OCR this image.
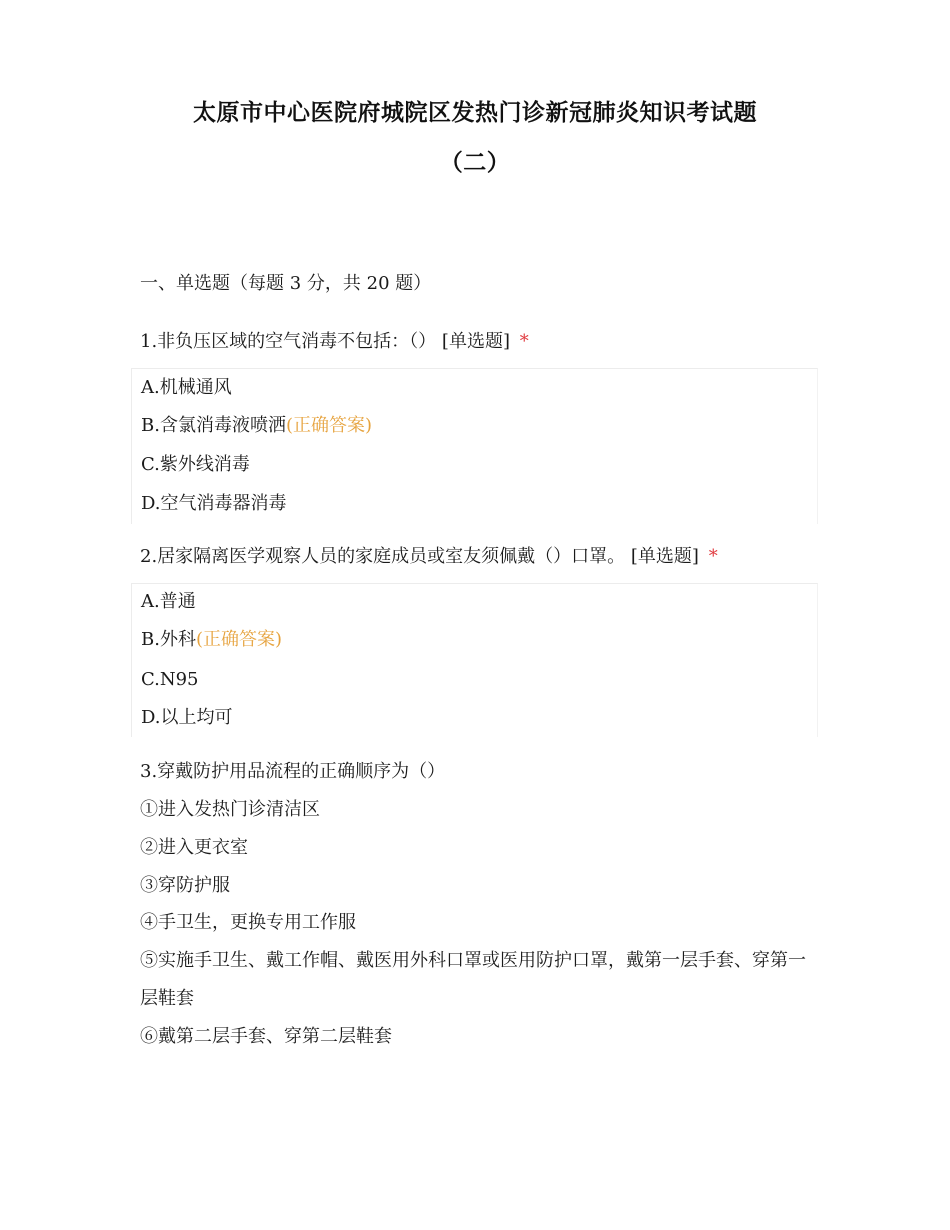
太原市中心医院府城院区发热门诊新冠肺炎知识考试题
（二）

一、单选题（每题 3 分，共 20 题）

1.非负压区域的空气消毒不包括：（） [单选题] *

A.机械通风
B.含氯消毒液喷洒(正确答案)
C.紫外线消毒
D.空气消毒器消毒

2.居家隔离医学观察人员的家庭成员或室友须佩戴（）口罩。 [单选题] *

A.普通
B.外科(正确答案)
C.N95
D.以上均可

3.穿戴防护用品流程的正确顺序为（）

①进入发热门诊清洁区

②进入更衣室

③穿防护服

④手卫生，更换专用工作服

⑤实施手卫生、戴工作帽、戴医用外科口罩或医用防护口罩，戴第一层手套、穿第一层鞋套

⑥戴第二层手套、穿第二层鞋套
